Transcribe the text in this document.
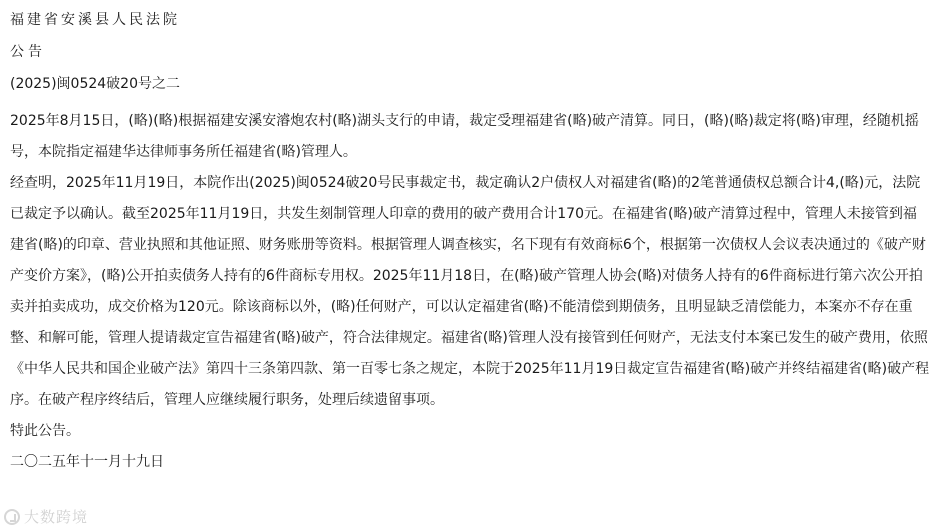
福建省安溪县人民法院
公告
(2025)闽0524破20号之二

2025年8月15日，(略)(略)根据福建安溪安濬炮农村(略)湖头支行的申请，裁定受理福建省(略)破产清算。同日，(略)(略)裁定将(略)审理，经随机摇号，本院指定福建华达律师事务所任福建省(略)管理人。

经查明，2025年11月19日，本院作出(2025)闽0524破20号民事裁定书，裁定确认2户债权人对福建省(略)的2笔普通债权总额合计4,(略)元，法院已裁定予以确认。截至2025年11月19日，共发生刻制管理人印章的费用的破产费用合计170元。在福建省(略)破产清算过程中，管理人未接管到福建省(略)的印章、营业执照和其他证照、财务账册等资料。根据管理人调查核实，名下现有有效商标6个，根据第一次债权人会议表决通过的《破产财产变价方案》，(略)公开拍卖债务人持有的6件商标专用权。2025年11月18日，在(略)破产管理人协会(略)对债务人持有的6件商标进行第六次公开拍卖并拍卖成功，成交价格为120元。除该商标以外，(略)任何财产，可以认定福建省(略)不能清偿到期债务，且明显缺乏清偿能力，本案亦不存在重整、和解可能，管理人提请裁定宣告福建省(略)破产，符合法律规定。福建省(略)管理人没有接管到任何财产，无法支付本案已发生的破产费用，依照《中华人民共和国企业破产法》第四十三条第四款、第一百零七条之规定，本院于2025年11月19日裁定宣告福建省(略)破产并终结福建省(略)破产程序。在破产程序终结后，管理人应继续履行职务，处理后续遗留事项。

特此公告。
二〇二五年十一月十九日
大数跨境
